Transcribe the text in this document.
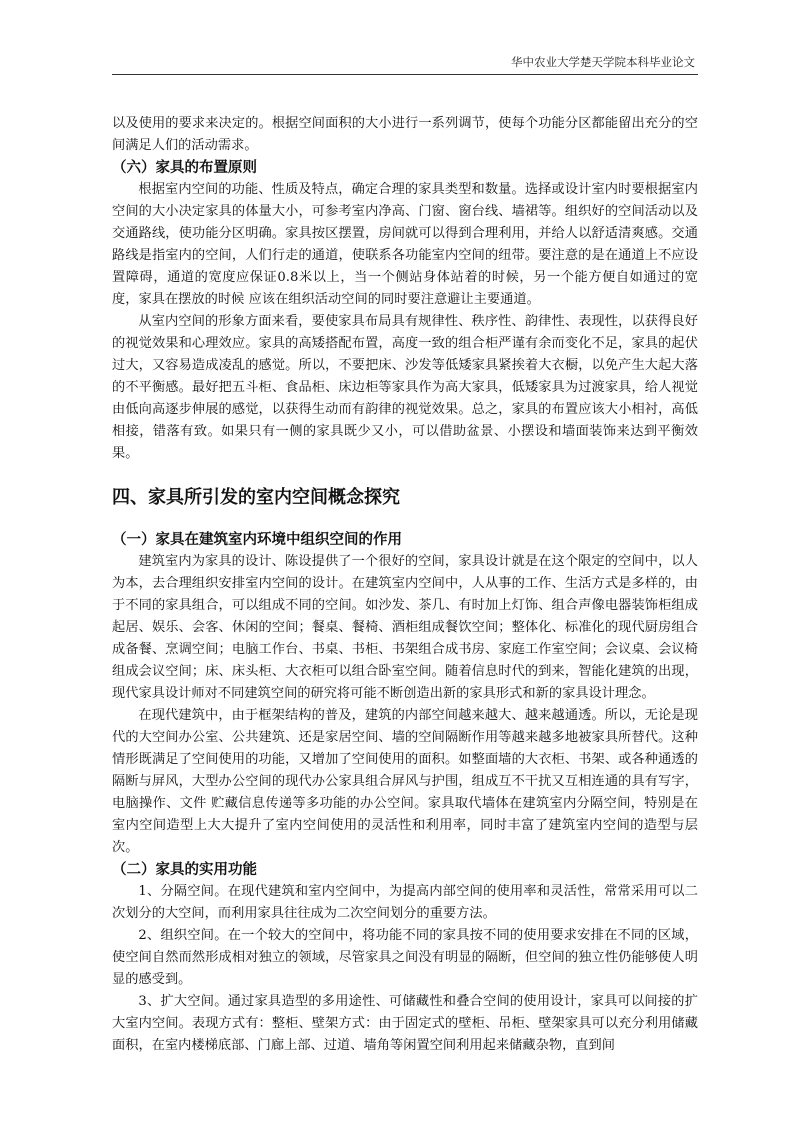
华中农业大学楚天学院本科毕业论文

以及使用的要求来决定的。根据空间面积的大小进行一系列调节，使每个功能分区都能留出充分的空间满足人们的活动需求。

（六）家具的布置原则

根据室内空间的功能、性质及特点，确定合理的家具类型和数量。选择或设计室内时要根据室内空间的大小决定家具的体量大小，可参考室内净高、门窗、窗台线、墙裙等。组织好的空间活动以及交通路线，使功能分区明确。家具按区摆置，房间就可以得到合理利用，并给人以舒适清爽感。交通路线是指室内的空间，人们行走的通道，使联系各功能室内空间的纽带。要注意的是在通道上不应设置障碍，通道的宽度应保证0.8米以上，当一个侧站身体站着的时候，另一个能方便自如通过的宽度，家具在摆放的时候 应该在组织活动空间的同时要注意避让主要通道。

从室内空间的形象方面来看，要使家具布局具有规律性、秩序性、韵律性、表现性，以获得良好的视觉效果和心理效应。家具的高矮搭配布置，高度一致的组合柜严谨有余而变化不足，家具的起伏过大，又容易造成凌乱的感觉。所以，不要把床、沙发等低矮家具紧挨着大衣橱，以免产生大起大落的不平衡感。最好把五斗柜、食品柜、床边柜等家具作为高大家具，低矮家具为过渡家具，给人视觉由低向高逐步伸展的感觉，以获得生动而有韵律的视觉效果。总之，家具的布置应该大小相衬，高低相接，错落有致。如果只有一侧的家具既少又小，可以借助盆景、小摆设和墙面装饰来达到平衡效果。

四、家具所引发的室内空间概念探究

（一）家具在建筑室内环境中组织空间的作用

建筑室内为家具的设计、陈设提供了一个很好的空间，家具设计就是在这个限定的空间中，以人为本，去合理组织安排室内空间的设计。在建筑室内空间中，人从事的工作、生活方式是多样的，由于不同的家具组合，可以组成不同的空间。如沙发、茶几、有时加上灯饰、组合声像电器装饰柜组成起居、娱乐、会客、休闲的空间；餐桌、餐椅、酒柜组成餐饮空间；整体化、标准化的现代厨房组合成备餐、烹调空间；电脑工作台、书桌、书柜、书架组合成书房、家庭工作室空间；会议桌、会议椅组成会议空间；床、床头柜、大衣柜可以组合卧室空间。随着信息时代的到来，智能化建筑的出现，现代家具设计师对不同建筑空间的研究将可能不断创造出新的家具形式和新的家具设计理念。

在现代建筑中，由于框架结构的普及，建筑的内部空间越来越大、越来越通透。所以，无论是现代的大空间办公室、公共建筑、还是家居空间、墙的空间隔断作用等越来越多地被家具所替代。这种情形既满足了空间使用的功能，又增加了空间使用的面积。如整面墙的大衣柜、书架、或各种通透的隔断与屏风，大型办公空间的现代办公家具组合屏风与护围，组成互不干扰又互相连通的具有写字，电脑操作、文件 贮藏信息传递等多功能的办公空间。家具取代墙体在建筑室内分隔空间，特别是在室内空间造型上大大提升了室内空间使用的灵活性和利用率，同时丰富了建筑室内空间的造型与层次。

（二）家具的实用功能

1、分隔空间。在现代建筑和室内空间中，为提高内部空间的使用率和灵活性，常常采用可以二次划分的大空间，而利用家具往往成为二次空间划分的重要方法。

2、组织空间。在一个较大的空间中，将功能不同的家具按不同的使用要求安排在不同的区域，使空间自然而然形成相对独立的领域，尽管家具之间没有明显的隔断，但空间的独立性仍能够使人明显的感受到。

3、扩大空间。通过家具造型的多用途性、可储藏性和叠合空间的使用设计，家具可以间接的扩大室内空间。表现方式有：整柜、壁架方式：由于固定式的壁柜、吊柜、壁架家具可以充分利用储藏面积，在室内楼梯底部、门廊上部、过道、墙角等闲置空间利用起来储藏杂物，直到间
